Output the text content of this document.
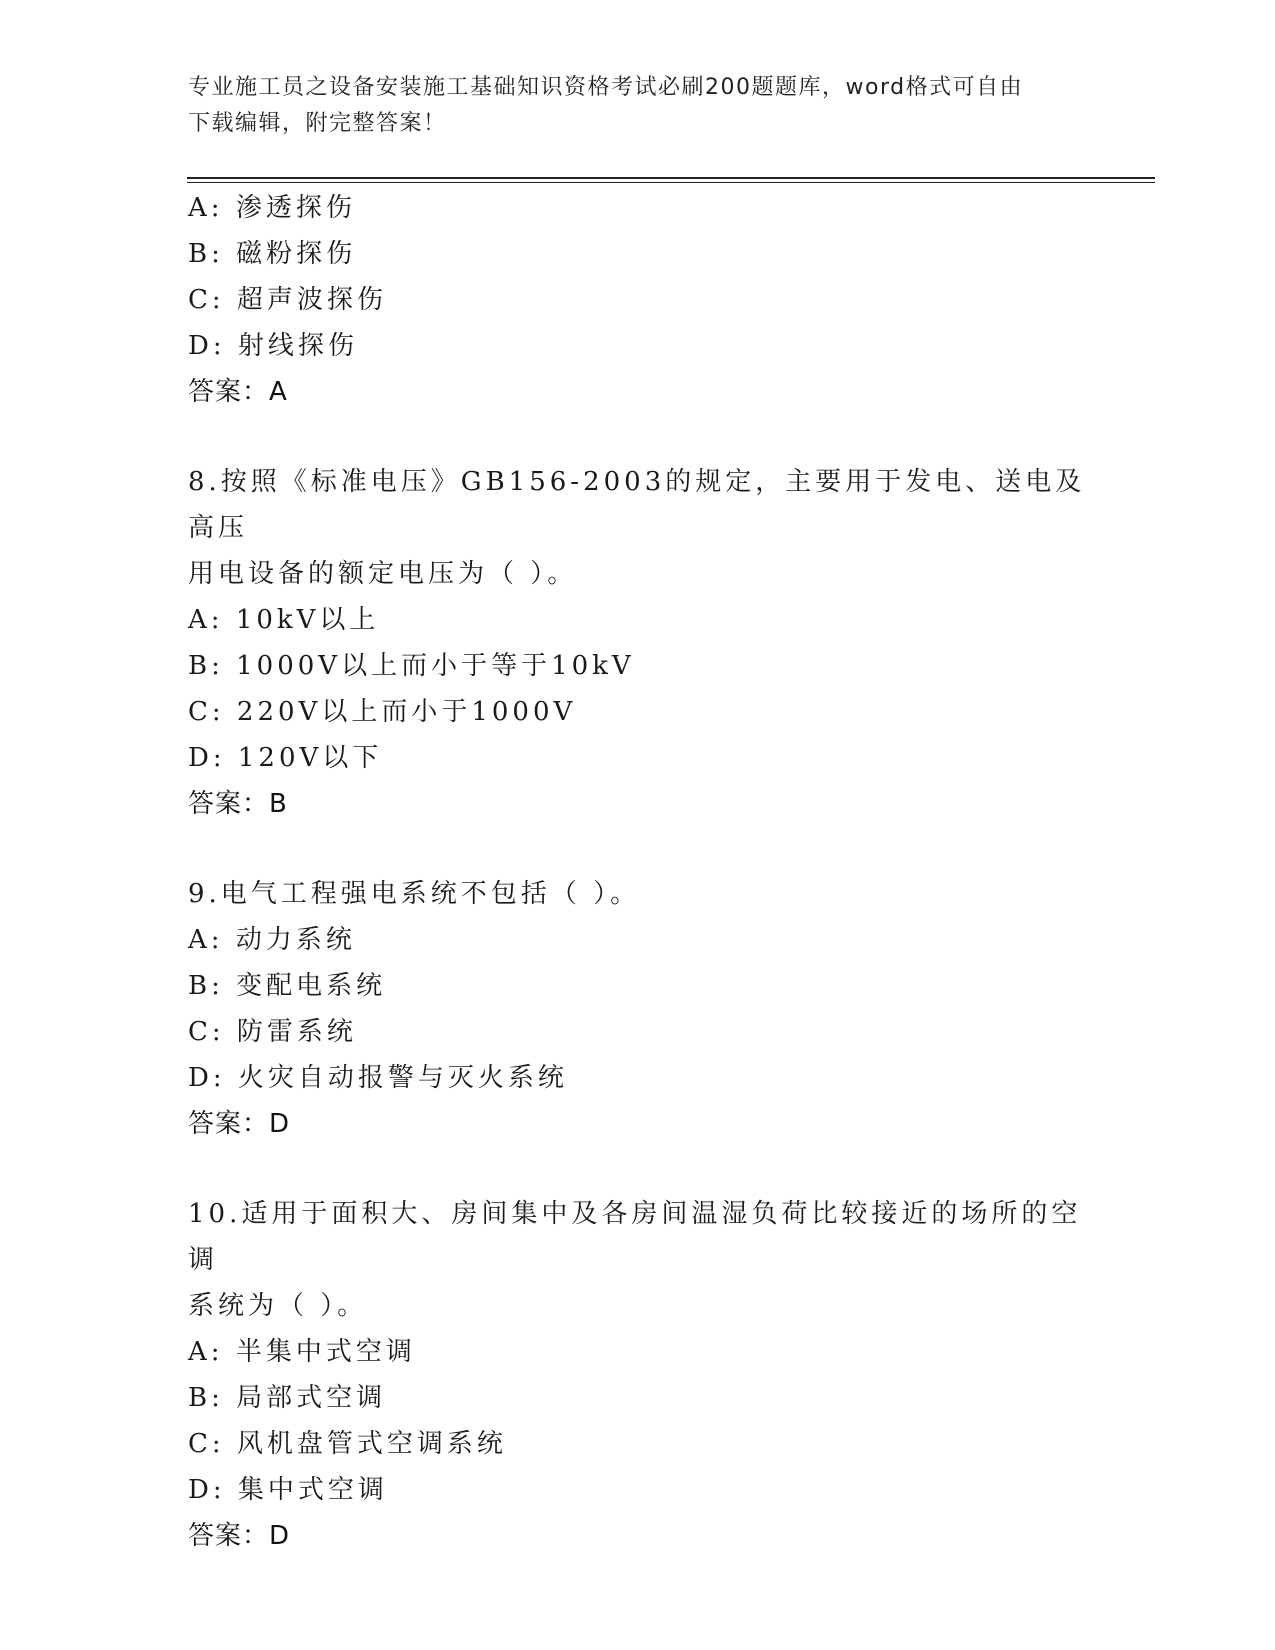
专业施工员之设备安装施工基础知识资格考试必刷200题题库，word格式可自由
下载编辑，附完整答案！
A: 渗透探伤
B: 磁粉探伤
C: 超声波探伤
D: 射线探伤
答案：A
8.按照《标准电压》GB156-2003的规定，主要用于发电、送电及高压
用电设备的额定电压为（ ）。
A: 10kV以上
B: 1000V以上而小于等于10kV
C: 220V以上而小于1000V
D: 120V以下
答案：B
9.电气工程强电系统不包括（ ）。
A: 动力系统
B: 变配电系统
C: 防雷系统
D: 火灾自动报警与灭火系统
答案：D
10.适用于面积大、房间集中及各房间温湿负荷比较接近的场所的空调
系统为（ ）。
A: 半集中式空调
B: 局部式空调
C: 风机盘管式空调系统
D: 集中式空调
答案：D
